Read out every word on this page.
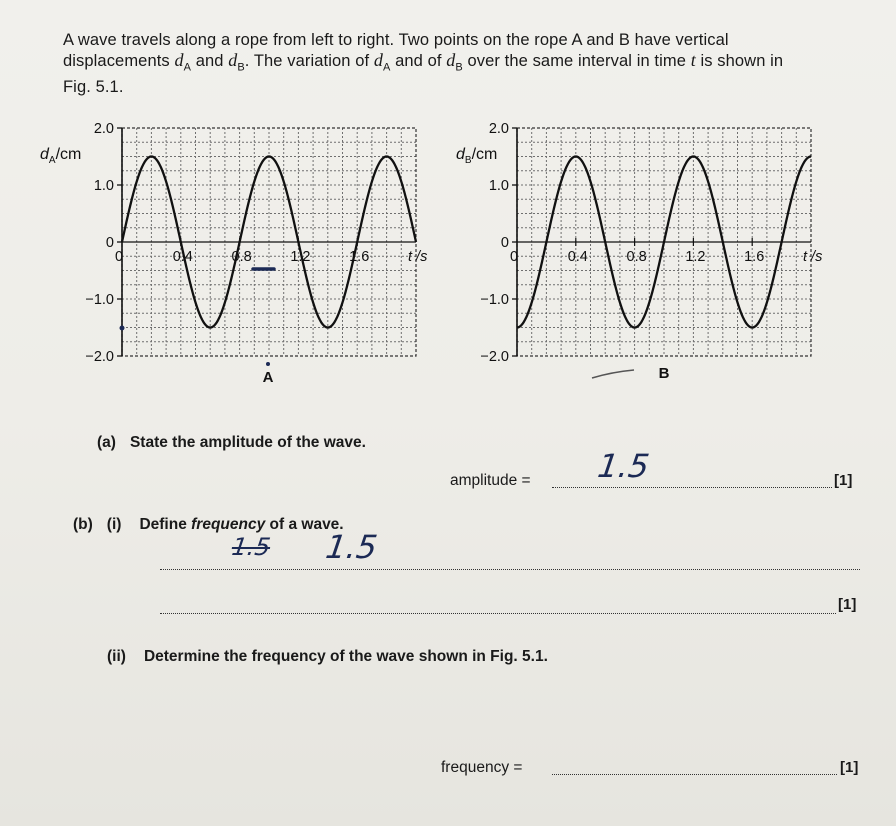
A wave travels along a rope from left to right. Two points on the rope A and B have vertical
displacements $d_A$ and $d_B$. The variation of $d_A$ and of $d_B$ over the same interval in time t is shown in
Fig. 5.1.
2.0
1.0
0
−1.0
−2.0
0	0.4	0.8	1.2	1.6	t /s
$d_A/cm$
A
2.0
1.0
0
−1.0
−2.0
0	0.4	0.8	1.2	1.6	t /s
$d_B/cm$
B
(a) State the amplitude of the wave.
amplitude =	[1]
1.5
(b) (i) Define frequency of a wave.
1.5 1.5
[1]
(ii) Determine the frequency of the wave shown in Fig. 5.1.
frequency =	[1]
